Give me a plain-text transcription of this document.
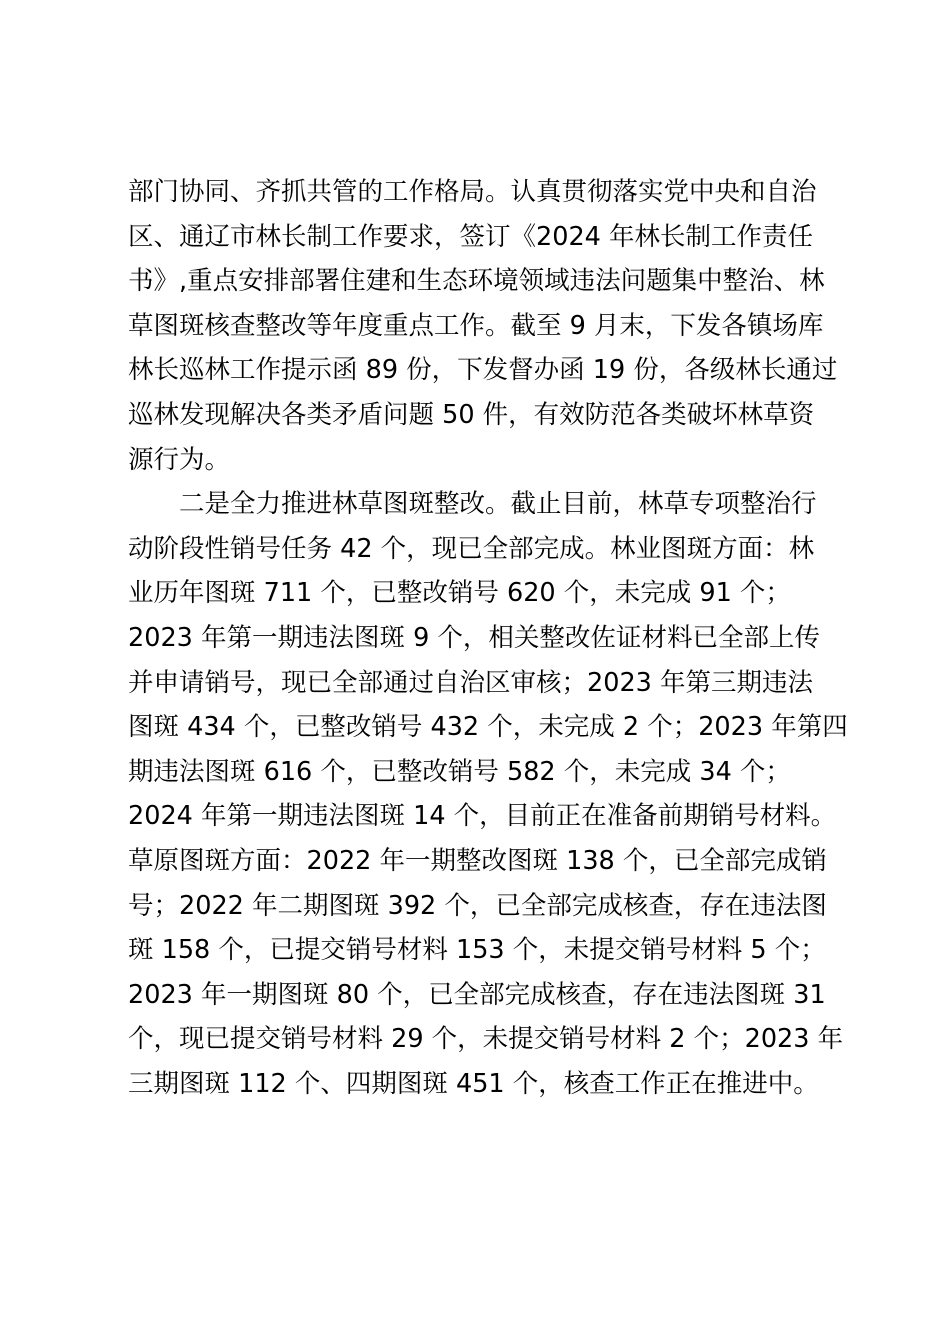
部门协同、齐抓共管的工作格局。认真贯彻落实党中央和自治

区、通辽市林长制工作要求，签订《2024 年林长制工作责任

书》,重点安排部署住建和生态环境领域违法问题集中整治、林

草图斑核查整改等年度重点工作。截至 9 月末，下发各镇场库

林长巡林工作提示函 89 份，下发督办函 19 份，各级林长通过

巡林发现解决各类矛盾问题 50 件，有效防范各类破坏林草资

源行为。

二是全力推进林草图斑整改。截止目前，林草专项整治行

动阶段性销号任务 42 个，现已全部完成。林业图斑方面：林

业历年图斑 711 个，已整改销号 620 个，未完成 91 个；

2023 年第一期违法图斑 9 个，相关整改佐证材料已全部上传

并申请销号，现已全部通过自治区审核；2023 年第三期违法

图斑 434 个，已整改销号 432 个，未完成 2 个；2023 年第四

期违法图斑 616 个，已整改销号 582 个，未完成 34 个；

2024 年第一期违法图斑 14 个，目前正在准备前期销号材料。

草原图斑方面：2022 年一期整改图斑 138 个，已全部完成销

号；2022 年二期图斑 392 个，已全部完成核查，存在违法图

斑 158 个，已提交销号材料 153 个，未提交销号材料 5 个；

2023 年一期图斑 80 个，已全部完成核查，存在违法图斑 31

个，现已提交销号材料 29 个，未提交销号材料 2 个；2023 年

三期图斑 112 个、四期图斑 451 个，核查工作正在推进中。
